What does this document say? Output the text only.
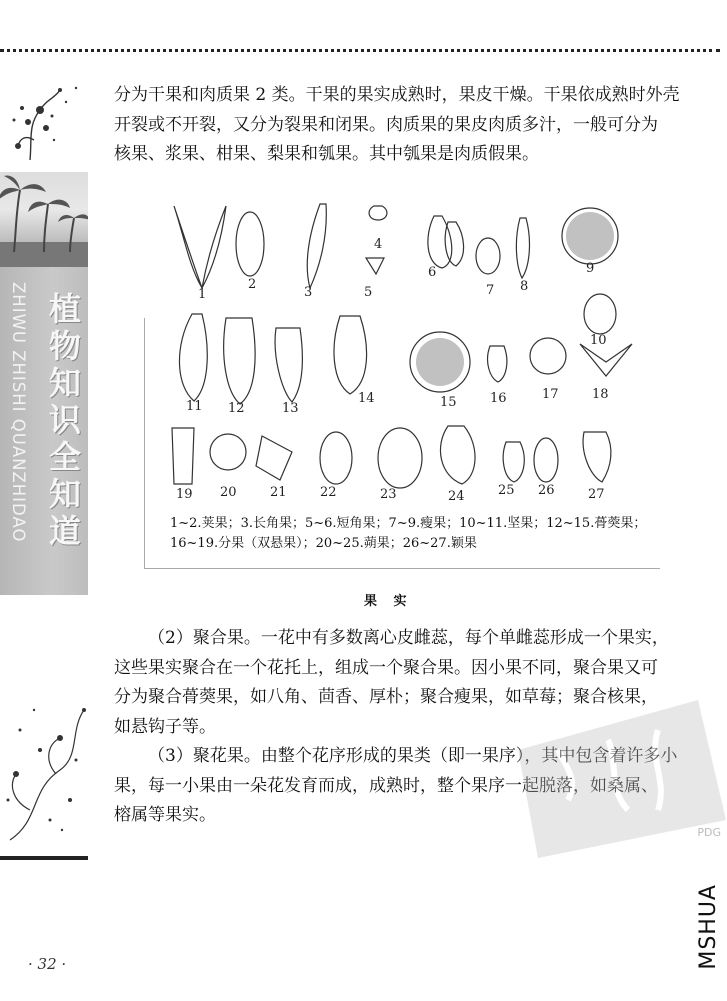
ZHIWU ZHISHI QUANZHIDAO 植物知识全知道
· 32 ·

分为干果和肉质果 2 类。干果的果实成熟时，果皮干燥。干果依成熟时外壳

开裂或不开裂，又分为裂果和闭果。肉质果的果皮肉质多汁，一般可分为

核果、浆果、柑果、梨果和瓠果。其中瓠果是肉质假果。

1
2
3
4
5
6
7 8
9
10
11 12	13
14	15	16	17	18
19 20	21	22	23	24	25 26	27

1~2.荚果；3.长角果；5~6.短角果；7~9.瘦果；10~11.坚果；12~15.蓇葖果；

16~19.分果（双悬果）；20~25.蒴果；26~27.颖果

果 实

（2）聚合果。一花中有多数离心皮雌蕊，每个单雌蕊形成一个果实，

这些果实聚合在一个花托上，组成一个聚合果。因小果不同，聚合果又可

分为聚合蓇葖果，如八角、茴香、厚朴；聚合瘦果，如草莓；聚合核果，

如悬钩子等。

（3）聚花果。由整个花序形成的果类（即一果序），其中包含着许多小

果，每一小果由一朵花发育而成，成熟时，整个果序一起脱落，如桑属、

榕属等果实。

PDG
MSHUA
